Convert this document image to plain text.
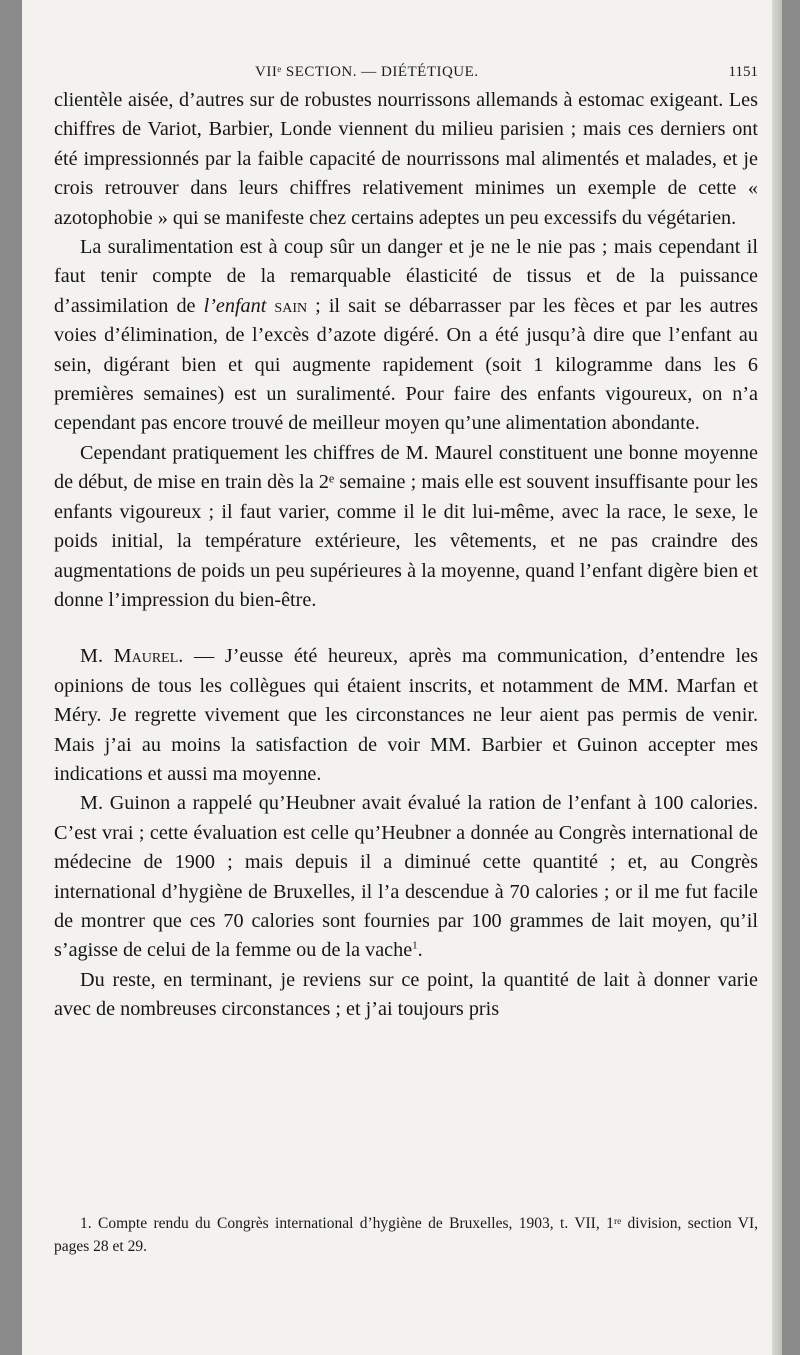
VIIᵉ SECTION. — DIÉTÉTIQUE.	1151

clientèle aisée, d’autres sur de robustes nourrissons allemands à estomac exigeant. Les chiffres de Variot, Barbier, Londe viennent du milieu parisien ; mais ces derniers ont été impressionnés par la faible capacité de nourrissons mal alimentés et malades, et je crois retrouver dans leurs chiffres relativement minimes un exemple de cette « azotophobie » qui se manifeste chez certains adeptes un peu excessifs du végétarien.

La suralimentation est à coup sûr un danger et je ne le nie pas ; mais cependant il faut tenir compte de la remarquable élasticité de tissus et de la puissance d’assimilation de l’enfant sain ; il sait se débarrasser par les fèces et par les autres voies d’élimination, de l’excès d’azote digéré. On a été jusqu’à dire que l’enfant au sein, digérant bien et qui augmente rapidement (soit 1 kilogramme dans les 6 premières semaines) est un suralimenté. Pour faire des enfants vigoureux, on n’a cependant pas encore trouvé de meilleur moyen qu’une alimentation abondante.

Cependant pratiquement les chiffres de M. Maurel constituent une bonne moyenne de début, de mise en train dès la 2ᵉ semaine ; mais elle est souvent insuffisante pour les enfants vigoureux ; il faut varier, comme il le dit lui-même, avec la race, le sexe, le poids initial, la température extérieure, les vêtements, et ne pas craindre des augmentations de poids un peu supérieures à la moyenne, quand l’enfant digère bien et donne l’impression du bien-être.

M. Maurel. — J’eusse été heureux, après ma communication, d’entendre les opinions de tous les collègues qui étaient inscrits, et notamment de MM. Marfan et Méry. Je regrette vivement que les circonstances ne leur aient pas permis de venir. Mais j’ai au moins la satisfaction de voir MM. Barbier et Guinon accepter mes indications et aussi ma moyenne.

M. Guinon a rappelé qu’Heubner avait évalué la ration de l’enfant à 100 calories. C’est vrai ; cette évaluation est celle qu’Heubner a donnée au Congrès international de médecine de 1900 ; mais depuis il a diminué cette quantité ; et, au Congrès international d’hygiène de Bruxelles, il l’a descendue à 70 calories ; or il me fut facile de montrer que ces 70 calories sont fournies par 100 grammes de lait moyen, qu’il s’agisse de celui de la femme ou de la vache$^1$.

Du reste, en terminant, je reviens sur ce point, la quantité de lait à donner varie avec de nombreuses circonstances ; et j’ai toujours pris

1. Compte rendu du Congrès international d’hygiène de Bruxelles, 1903, t. VII, 1ʳᵉ division, section VI, pages 28 et 29.
